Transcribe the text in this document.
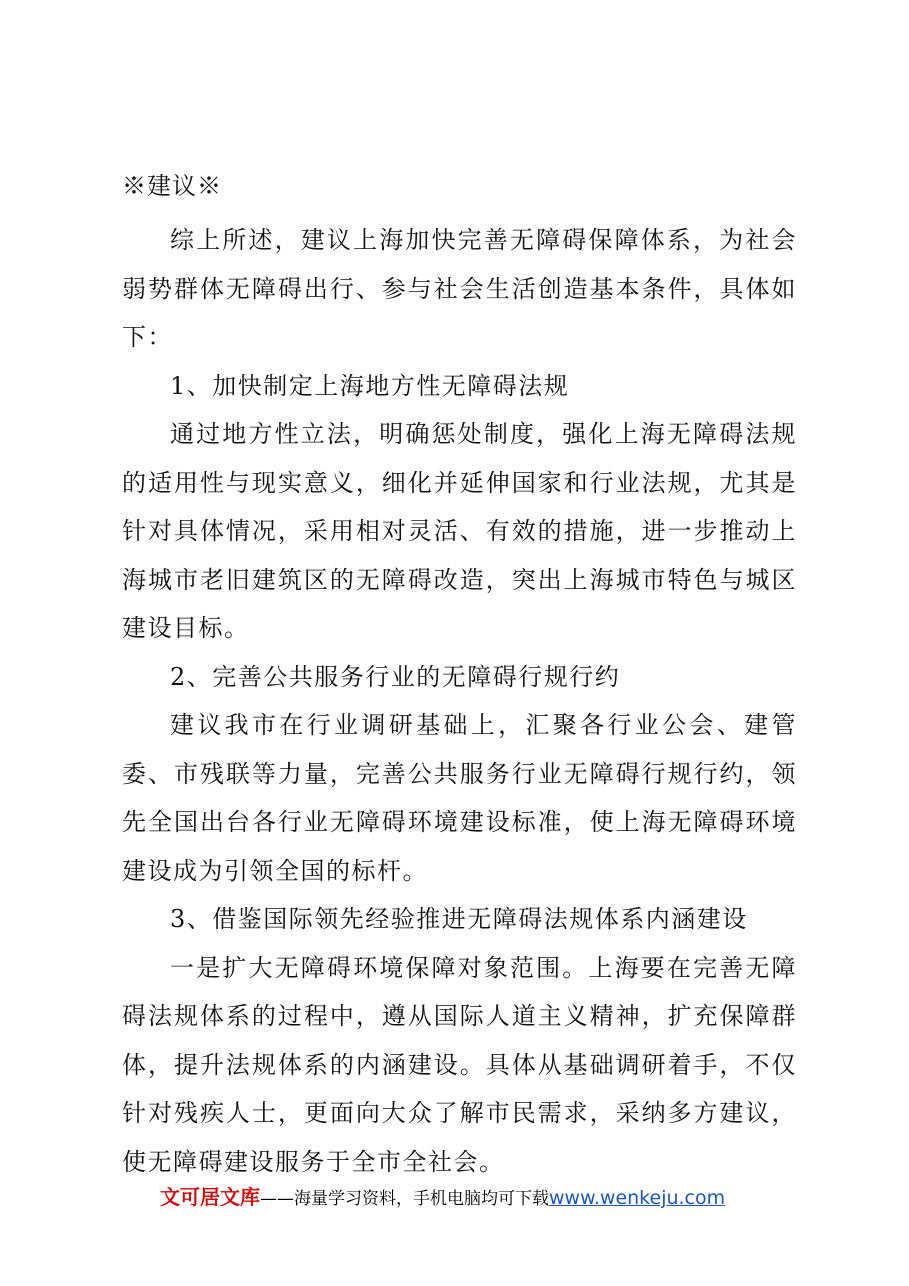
※建议※

综上所述，建议上海加快完善无障碍保障体系，为社会弱势群体无障碍出行、参与社会生活创造基本条件，具体如下：

1、加快制定上海地方性无障碍法规

通过地方性立法，明确惩处制度，强化上海无障碍法规的适用性与现实意义，细化并延伸国家和行业法规，尤其是针对具体情况，采用相对灵活、有效的措施，进一步推动上海城市老旧建筑区的无障碍改造，突出上海城市特色与城区建设目标。

2、完善公共服务行业的无障碍行规行约

建议我市在行业调研基础上，汇聚各行业公会、建管委、市残联等力量，完善公共服务行业无障碍行规行约，领先全国出台各行业无障碍环境建设标准，使上海无障碍环境建设成为引领全国的标杆。

3、借鉴国际领先经验推进无障碍法规体系内涵建设

一是扩大无障碍环境保障对象范围。上海要在完善无障碍法规体系的过程中，遵从国际人道主义精神，扩充保障群体，提升法规体系的内涵建设。具体从基础调研着手，不仅针对残疾人士，更面向大众了解市民需求，采纳多方建议，使无障碍建设服务于全市全社会。

文可居文库——海量学习资料，手机电脑均可下载www.wenkeju.com
